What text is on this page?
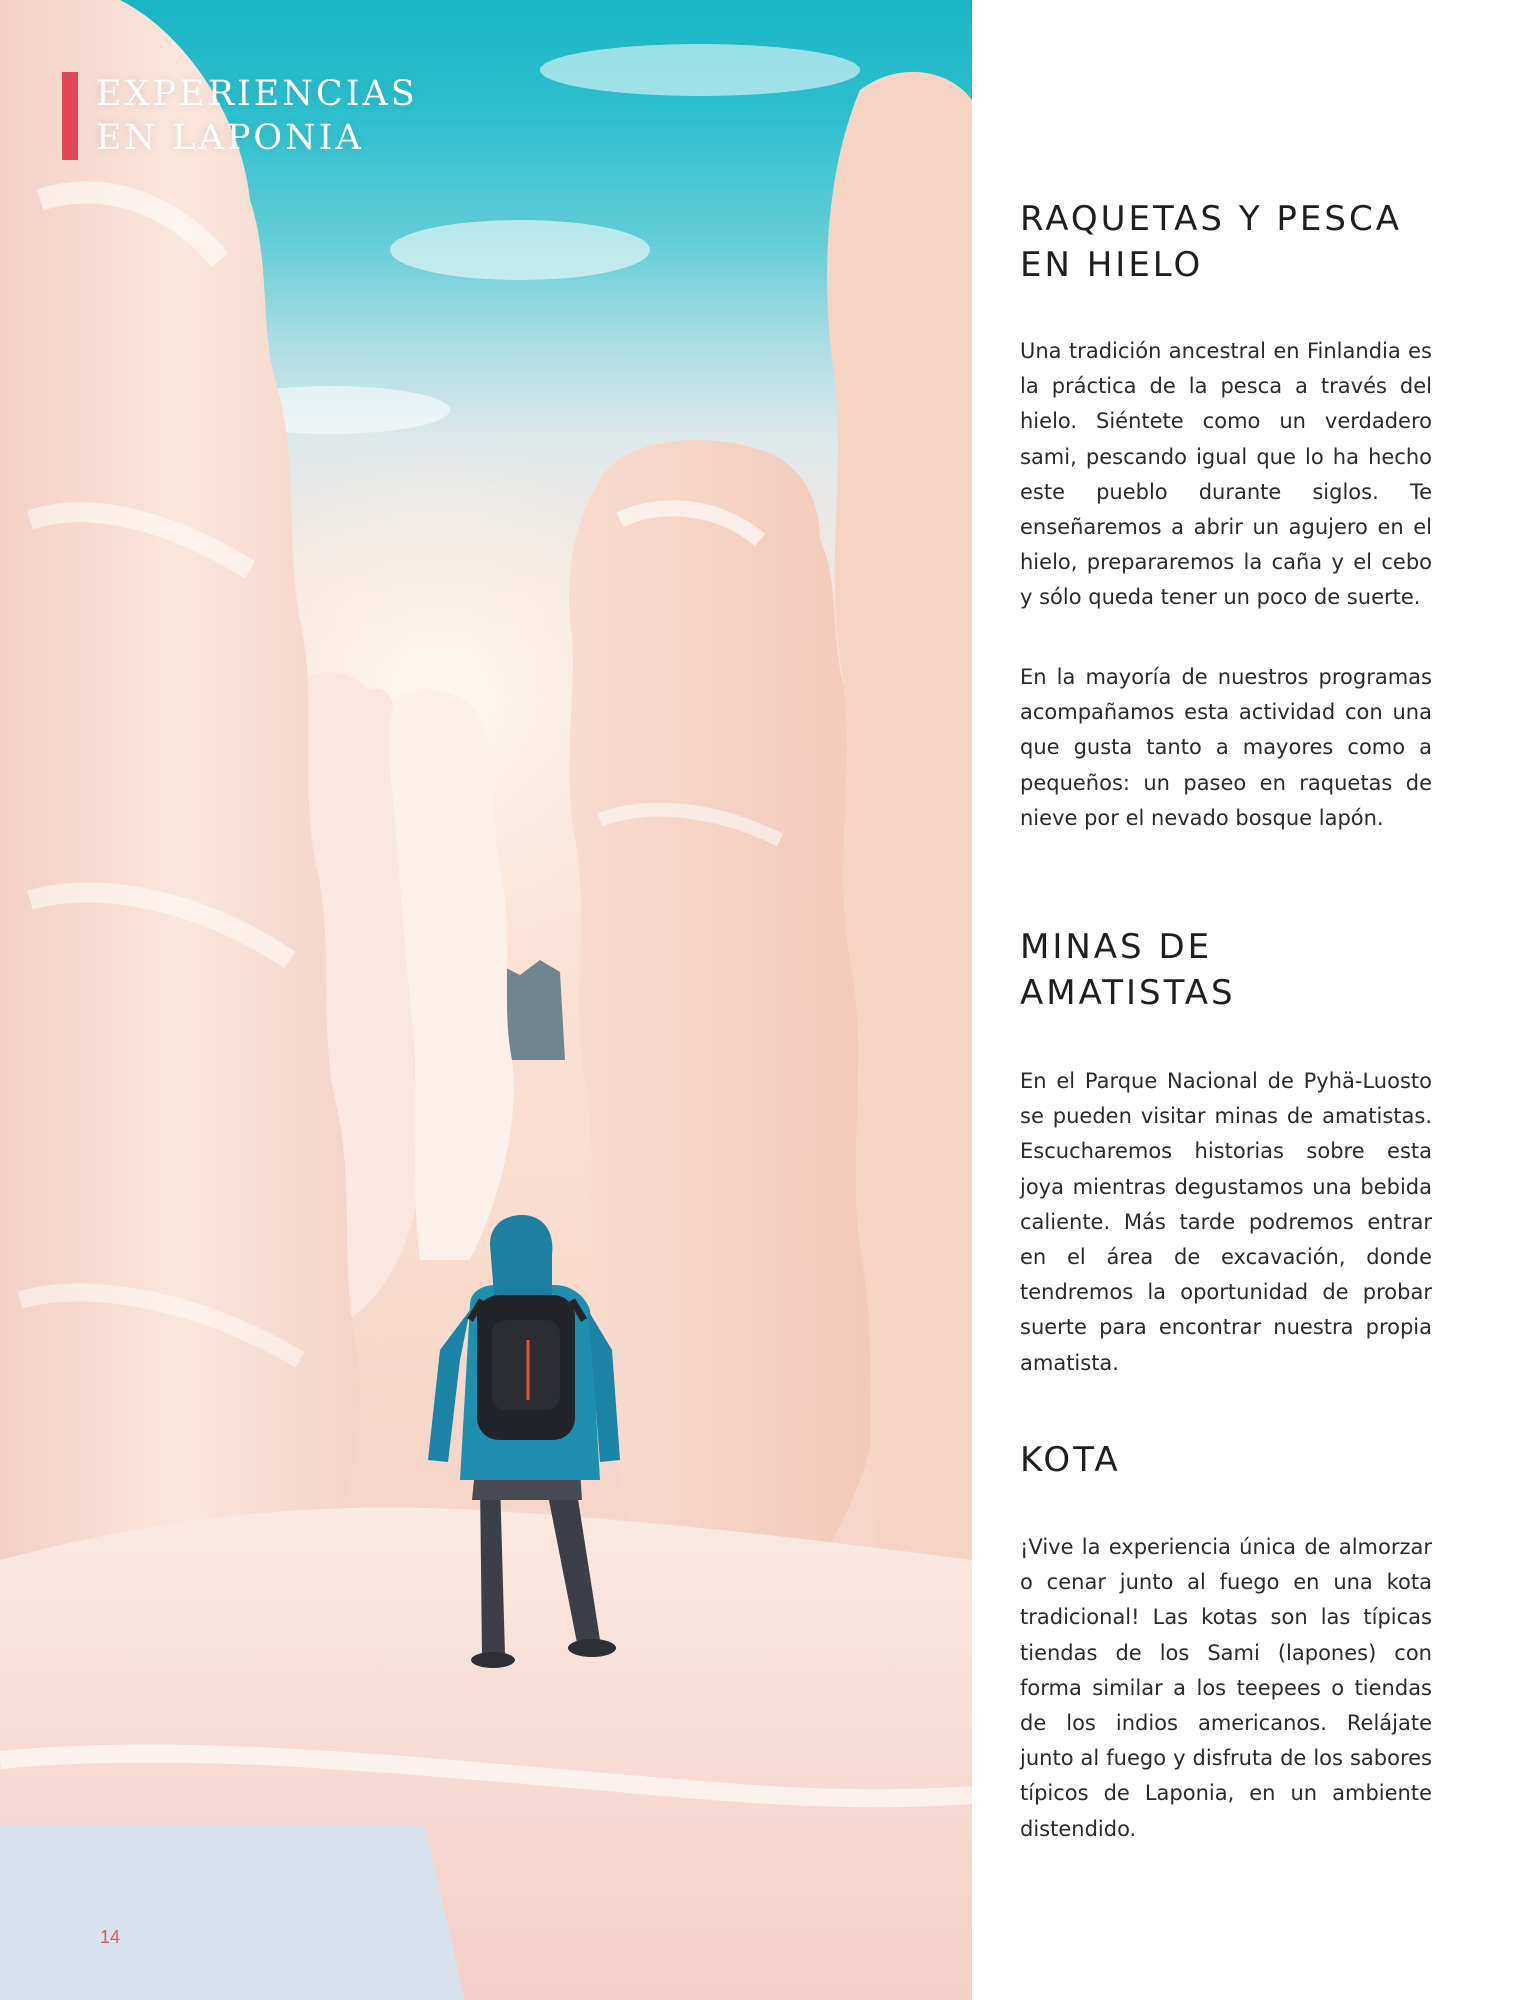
EXPERIENCIAS
EN LAPONIA
14
RAQUETAS Y PESCA
EN HIELO

Una tradición ancestral en Finlandia es la práctica de la pesca a través del hielo. Siéntete como un verdadero sami, pescando igual que lo ha hecho este pueblo durante siglos. Te enseñaremos a abrir un agujero en el hielo, prepararemos la caña y el cebo y sólo queda tener un poco de suerte.

En la mayoría de nuestros programas acompañamos esta actividad con una que gusta tanto a mayores como a pequeños: un paseo en raquetas de nieve por el nevado bosque lapón.

MINAS DE
AMATISTAS

En el Parque Nacional de Pyhä-Luosto se pueden visitar minas de amatistas. Escucharemos historias sobre esta joya mientras degustamos una bebida caliente. Más tarde podremos entrar en el área de excavación, donde tendremos la oportunidad de probar suerte para encontrar nuestra propia amatista.

KOTA

¡Vive la experiencia única de almorzar o cenar junto al fuego en una kota tradicional! Las kotas son las típicas tiendas de los Sami (lapones) con forma similar a los teepees o tiendas de los indios americanos. Relájate junto al fuego y disfruta de los sabores típicos de Laponia, en un ambiente distendido.
